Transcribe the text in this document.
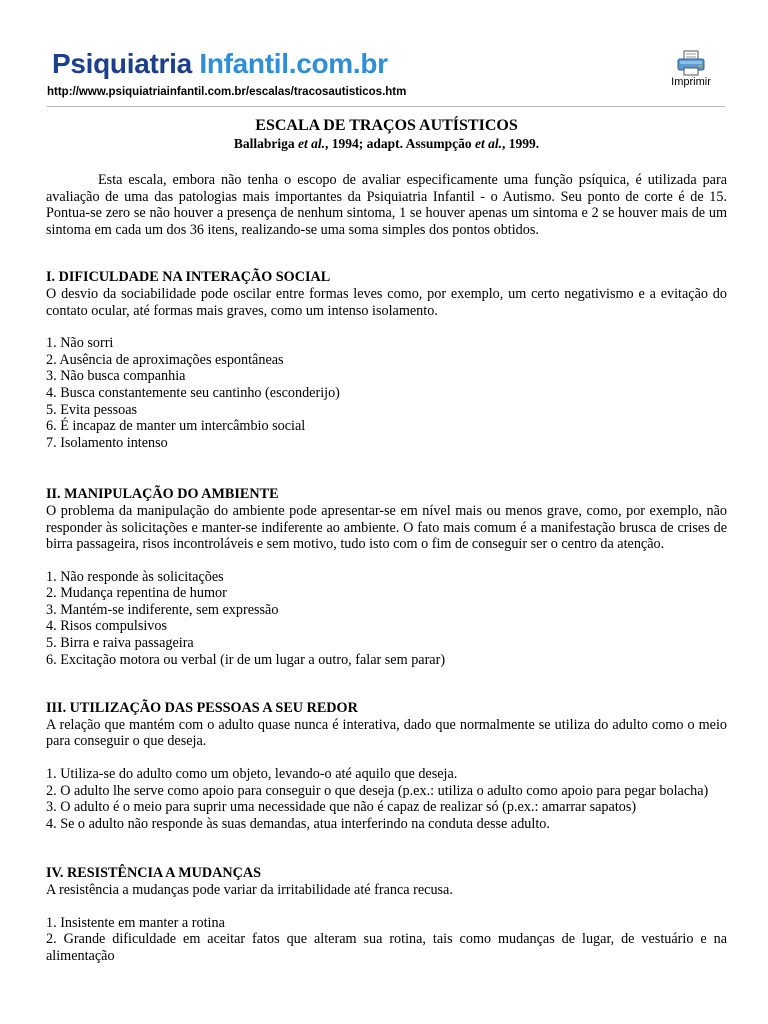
Psiquiatria Infantil.com.br
http://www.psiquiatriainfantil.com.br/escalas/tracosautisticos.htm
Imprimir
ESCALA DE TRAÇOS AUTÍSTICOS
Ballabriga et al., 1994; adapt. Assumpção et al., 1999.

Esta escala, embora não tenha o escopo de avaliar especificamente uma função psíquica, é utilizada para avaliação de uma das patologias mais importantes da Psiquiatria Infantil - o Autismo. Seu ponto de corte é de 15. Pontua-se zero se não houver a presença de nenhum sintoma, 1 se houver apenas um sintoma e 2 se houver mais de um sintoma em cada um dos 36 itens, realizando-se uma soma simples dos pontos obtidos.

I. DIFICULDADE NA INTERAÇÃO SOCIAL

O desvio da sociabilidade pode oscilar entre formas leves como, por exemplo, um certo negativismo e a evitação do contato ocular, até formas mais graves, como um intenso isolamento.

1. Não sorri
2. Ausência de aproximações espontâneas
3. Não busca companhia
4. Busca constantemente seu cantinho (esconderijo)
5. Evita pessoas
6. É incapaz de manter um intercâmbio social
7. Isolamento intenso
II. MANIPULAÇÃO DO AMBIENTE

O problema da manipulação do ambiente pode apresentar-se em nível mais ou menos grave, como, por exemplo, não responder às solicitações e manter-se indiferente ao ambiente. O fato mais comum é a manifestação brusca de crises de birra passageira, risos incontroláveis e sem motivo, tudo isto com o fim de conseguir ser o centro da atenção.

1. Não responde às solicitações
2. Mudança repentina de humor
3. Mantém-se indiferente, sem expressão
4. Risos compulsivos
5. Birra e raiva passageira
6. Excitação motora ou verbal (ir de um lugar a outro, falar sem parar)
III. UTILIZAÇÃO DAS PESSOAS A SEU REDOR

A relação que mantém com o adulto quase nunca é interativa, dado que normalmente se utiliza do adulto como o meio para conseguir o que deseja.

1. Utiliza-se do adulto como um objeto, levando-o até aquilo que deseja.
2. O adulto lhe serve como apoio para conseguir o que deseja (p.ex.: utiliza o adulto como apoio para pegar bolacha)
3. O adulto é o meio para suprir uma necessidade que não é capaz de realizar só (p.ex.: amarrar sapatos)
4. Se o adulto não responde às suas demandas, atua interferindo na conduta desse adulto.
IV. RESISTÊNCIA A MUDANÇAS

A resistência a mudanças pode variar da irritabilidade até franca recusa.

1. Insistente em manter a rotina
2. Grande dificuldade em aceitar fatos que alteram sua rotina, tais como mudanças de lugar, de vestuário e na alimentação
